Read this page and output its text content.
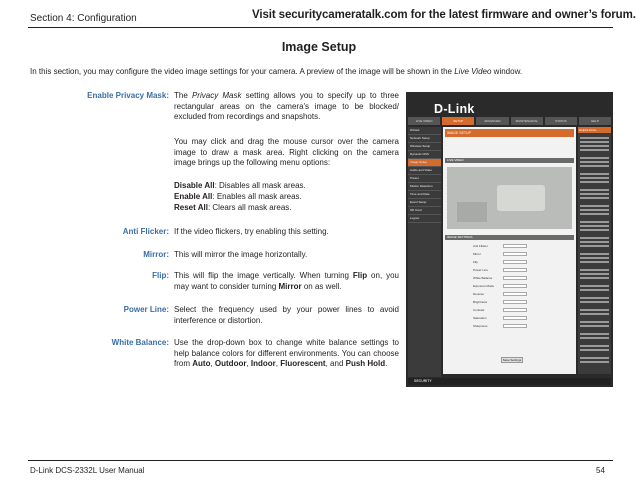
Section 4: Configuration	Visit securitycameratalk.com for the latest firmware and owner’s forum.
Image Setup
In this section, you may configure the video image settings for your camera. A preview of the image will be shown in the Live Video window.
Enable Privacy Mask: The Privacy Mask setting allows you to specify up to three rectangular areas on the camera's image to be blocked/ excluded from recordings and snapshots.
You may click and drag the mouse cursor over the camera image to draw a mask area. Right clicking on the camera image brings up the following menu options:
Disable All: Disables all mask areas.
Enable All: Enables all mask areas.
Reset All: Clears all mask areas.
Anti Flicker: If the video flickers, try enabling this setting.
Mirror: This will mirror the image horizontally.
Flip: This will flip the image vertically. When turning Flip on, you may want to consider turning Mirror on as well.
Power Line: Select the frequency used by your power lines to avoid interference or distortion.
White Balance: Use the drop-down box to change white balance settings to help balance colors for different environments. You can choose from Auto, Outdoor, Indoor, Fluorescent, and Push Hold.
D-Link
LIVE VIDEO	SETUP	ADVANCED	MAINTENANCE	STATUS	HELP
Wizard
Network Setup
Wireless Setup
Dynamic DNS
Image Setup
Audio and Video
Preset
Motion Detection
Time and Date
Event Setup
SD Card
Logout
IMAGE SETUP
LIVE VIDEO
IMAGE SETTINGS
Anti Flicker
Mirror
Flip
Power Line
White Balance
Exposure Mode
Denoise
Brightness
Contrast
Saturation
Sharpness
Save Settings
Helpful Hints..
SECURITY
D-Link DCS-2332L User Manual	54
